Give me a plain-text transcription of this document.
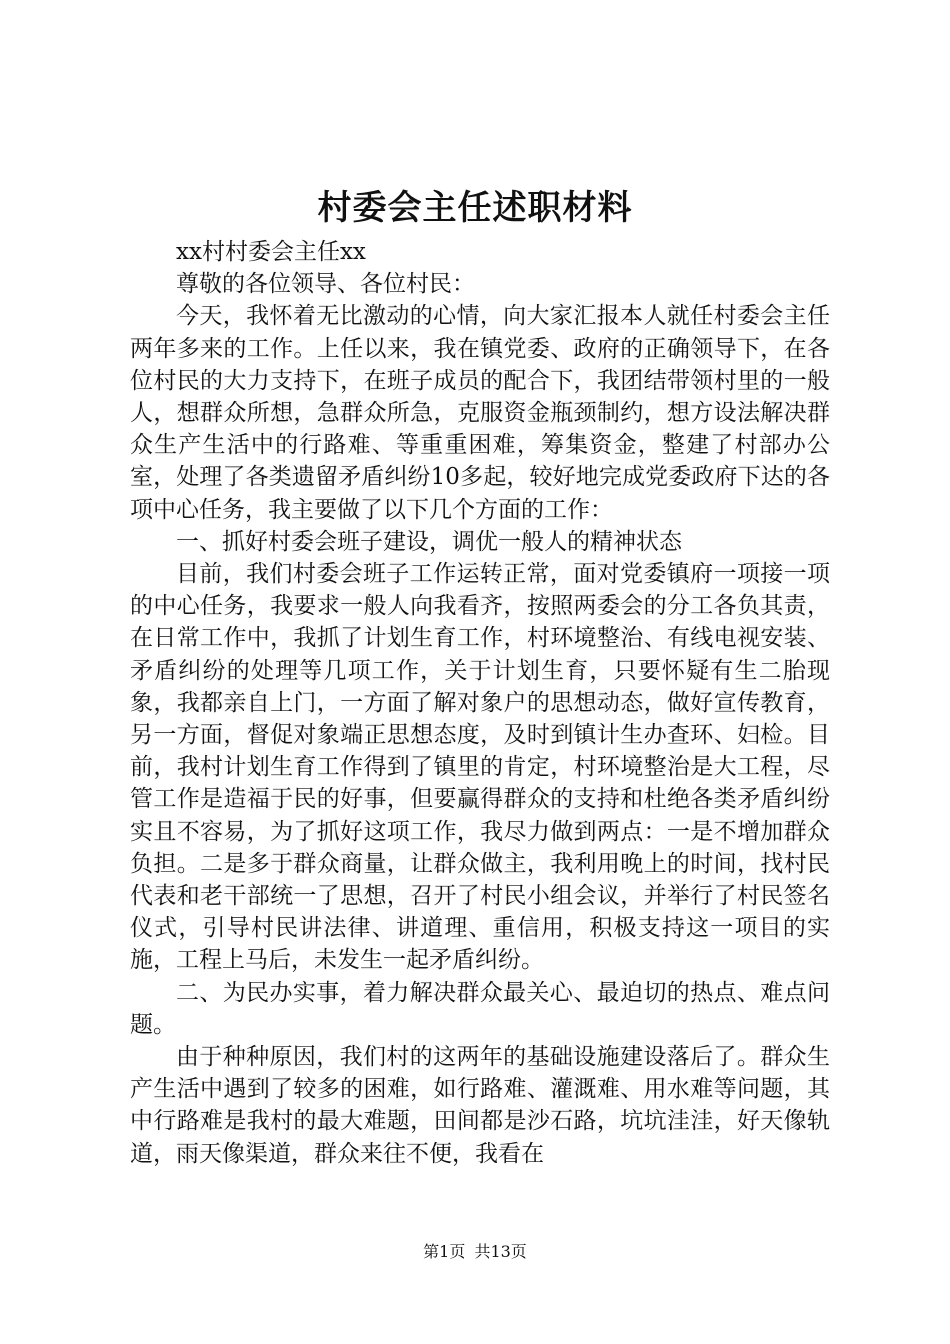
村委会主任述职材料

xx村村委会主任xx

尊敬的各位领导、各位村民：

今天，我怀着无比激动的心情，向大家汇报本人就任村委会主任两年多来的工作。上任以来，我在镇党委、政府的正确领导下，在各位村民的大力支持下，在班子成员的配合下，我团结带领村里的一般人，想群众所想，急群众所急，克服资金瓶颈制约，想方设法解决群众生产生活中的行路难、等重重困难，筹集资金，整建了村部办公室，处理了各类遗留矛盾纠纷10多起，较好地完成党委政府下达的各项中心任务，我主要做了以下几个方面的工作：

一、抓好村委会班子建设，调优一般人的精神状态

目前，我们村委会班子工作运转正常，面对党委镇府一项接一项的中心任务，我要求一般人向我看齐，按照两委会的分工各负其责，在日常工作中，我抓了计划生育工作，村环境整治、有线电视安装、矛盾纠纷的处理等几项工作，关于计划生育，只要怀疑有生二胎现象，我都亲自上门，一方面了解对象户的思想动态，做好宣传教育，另一方面，督促对象端正思想态度，及时到镇计生办查环、妇检。目前，我村计划生育工作得到了镇里的肯定，村环境整治是大工程，尽管工作是造福于民的好事，但要赢得群众的支持和杜绝各类矛盾纠纷实且不容易，为了抓好这项工作，我尽力做到两点：一是不增加群众负担。二是多于群众商量，让群众做主，我利用晚上的时间，找村民代表和老干部统一了思想，召开了村民小组会议，并举行了村民签名仪式，引导村民讲法律、讲道理、重信用，积极支持这一项目的实施，工程上马后，未发生一起矛盾纠纷。

二、为民办实事，着力解决群众最关心、最迫切的热点、难点问题。

由于种种原因，我们村的这两年的基础设施建设落后了。群众生产生活中遇到了较多的困难，如行路难、灌溉难、用水难等问题，其中行路难是我村的最大难题，田间都是沙石路，坑坑洼洼，好天像轨道，雨天像渠道，群众来往不便，我看在

第1页 共13页
